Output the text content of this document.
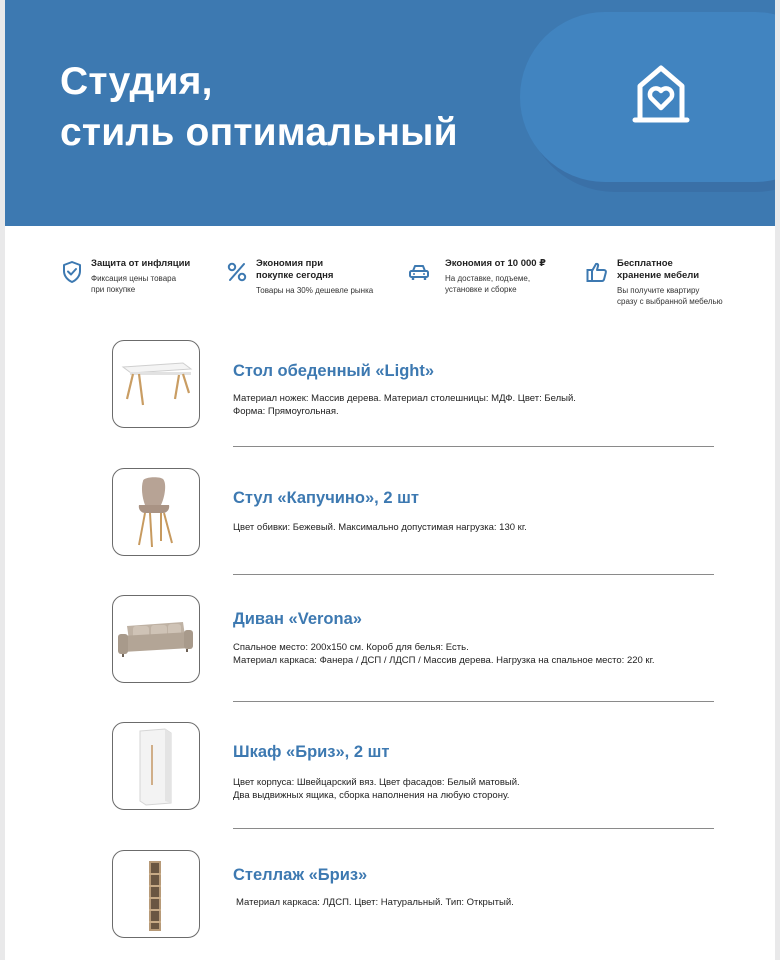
Студия,
стиль оптимальный
Защита от инфляции
Фиксация цены товара
при покупке
Экономия при
покупке сегодня
Товары на 30% дешевле рынка
Экономия от 10 000 ₽
На доставке, подъеме,
установке и сборке
Бесплатное
хранение мебели
Вы получите квартиру
сразу с выбранной мебелью
Стол обеденный «Light»
Материал ножек: Массив дерева. Материал столешницы: МДФ. Цвет: Белый.
Форма: Прямоугольная.
Стул «Капучино», 2 шт
Цвет обивки: Бежевый. Максимально допустимая нагрузка: 130 кг.
Диван «Verona»
Спальное место: 200х150 см. Короб для белья: Есть.
Материал каркаса: Фанера / ДСП / ЛДСП / Массив дерева. Нагрузка на спальное место: 220 кг.
Шкаф «Бриз», 2 шт
Цвет корпуса: Швейцарский вяз. Цвет фасадов: Белый матовый.
Два выдвижных ящика, сборка наполнения на любую сторону.
Стеллаж «Бриз»
Материал каркаса: ЛДСП. Цвет: Натуральный. Тип: Открытый.
